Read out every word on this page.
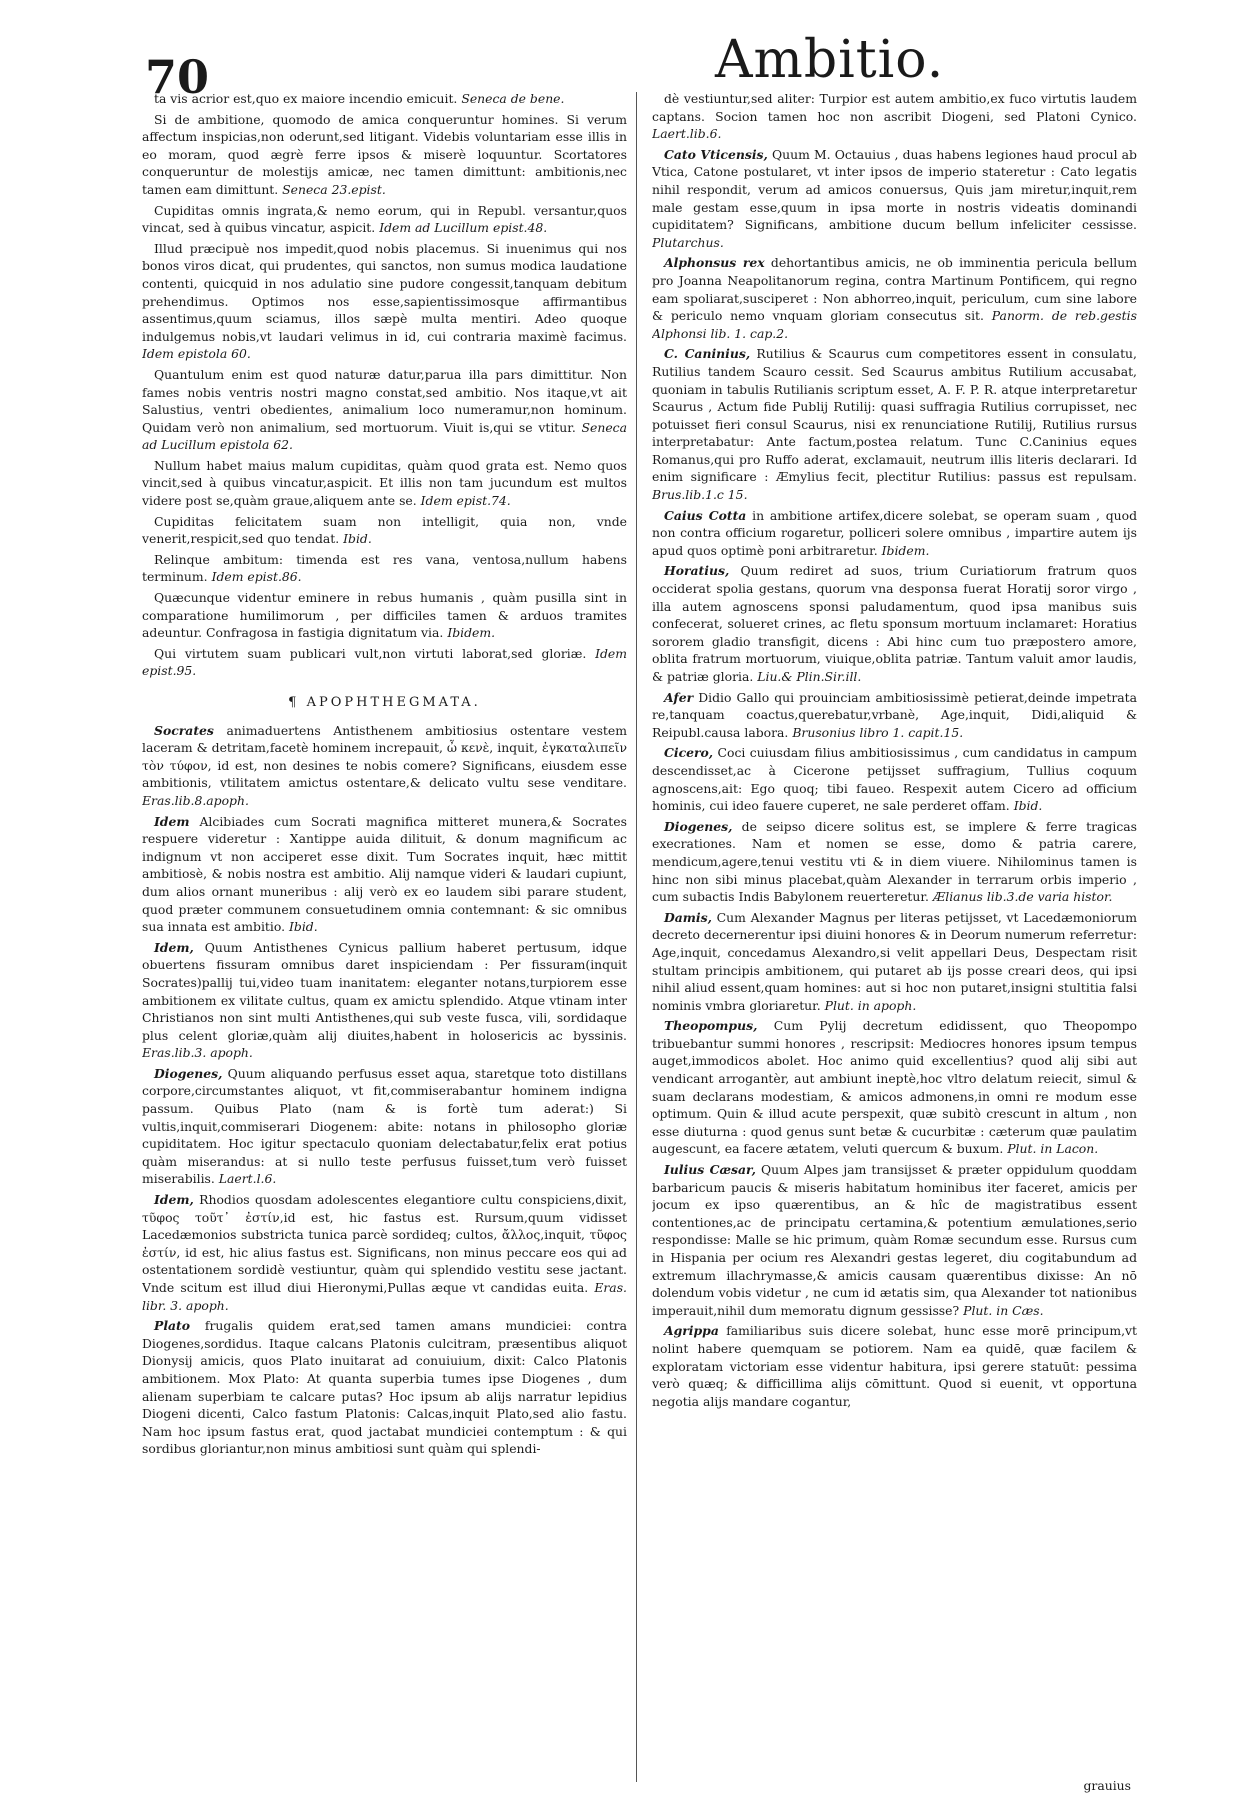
70	Ambitio.

ta vis acrior est,quo ex maiore incendio emicuit. Seneca de bene.

Si de ambitione, quomodo de amica conqueruntur homines. Si verum affectum inspicias,non oderunt,sed litigant. Videbis voluntariam esse illis in eo moram, quod ægrè ferre ipsos & miserè loquuntur. Scortatores conqueruntur de molestijs amicæ, nec tamen dimittunt: ambitionis,nec tamen eam dimittunt. Seneca 23.epist.

Cupiditas omnis ingrata,& nemo eorum, qui in Republ. versantur,quos vincat, sed à quibus vincatur, aspicit. Idem ad Lucillum epist.48.

Illud præcipuè nos impedit,quod nobis placemus. Si inuenimus qui nos bonos viros dicat, qui prudentes, qui sanctos, non sumus modica laudatione contenti, quicquid in nos adulatio sine pudore congessit,tanquam debitum prehendimus. Optimos nos esse,sapientissimosque affirmantibus assentimus,quum sciamus, illos sæpè multa mentiri. Adeo quoque indulgemus nobis,vt laudari velimus in id, cui contraria maximè facimus. Idem epistola 60.

Quantulum enim est quod naturæ datur,parua illa pars dimittitur. Non fames nobis ventris nostri magno constat,sed ambitio. Nos itaque,vt ait Salustius, ventri obedientes, animalium loco numeramur,non hominum. Quidam verò non animalium, sed mortuorum. Viuit is,qui se vtitur. Seneca ad Lucillum epistola 62.

Nullum habet maius malum cupiditas, quàm quod grata est. Nemo quos vincit,sed à quibus vincatur,aspicit. Et illis non tam jucundum est multos videre post se,quàm graue,aliquem ante se. Idem epist.74.

Cupiditas felicitatem suam non intelligit, quia non, vnde venerit,respicit,sed quo tendat. Ibid.

Relinque ambitum: timenda est res vana, ventosa,nullum habens terminum. Idem epist.86.

Quæcunque videntur eminere in rebus humanis , quàm pusilla sint in comparatione humilimorum , per difficiles tamen & arduos tramites adeuntur. Confragosa in fastigia dignitatum via. Ibidem.

Qui virtutem suam publicari vult,non virtuti laborat,sed gloriæ. Idem epist.95.

¶ APOPHTHEGMATA.

Socrates animaduertens Antisthenem ambitiosius ostentare vestem laceram & detritam,facetè hominem increpauit, ὦ κενὲ, inquit, ἐγκαταλιπεῖν τὸν τύφον, id est, non desines te nobis comere? Significans, eiusdem esse ambitionis, vtilitatem amictus ostentare,& delicato vultu sese venditare. Eras.lib.8.apoph.

Idem Alcibiades cum Socrati magnifica mitteret munera,& Socrates respuere videretur : Xantippe auida dilituit, & donum magnificum ac indignum vt non acciperet esse dixit. Tum Socrates inquit, hæc mittit ambitiosè, & nobis nostra est ambitio. Alij namque videri & laudari cupiunt, dum alios ornant muneribus : alij verò ex eo laudem sibi parare student, quod præter communem consuetudinem omnia contemnant: & sic omnibus sua innata est ambitio. Ibid.

Idem, Quum Antisthenes Cynicus pallium haberet pertusum, idque obuertens fissuram omnibus daret inspiciendam : Per fissuram(inquit Socrates)pallij tui,video tuam inanitatem: eleganter notans,turpiorem esse ambitionem ex vilitate cultus, quam ex amictu splendido. Atque vtinam inter Christianos non sint multi Antisthenes,qui sub veste fusca, vili, sordidaque plus celent gloriæ,quàm alij diuites,habent in holosericis ac byssinis. Eras.lib.3. apoph.

Diogenes, Quum aliquando perfusus esset aqua, staretque toto distillans corpore,circumstantes aliquot, vt fit,commiserabantur hominem indigna passum. Quibus Plato (nam & is fortè tum aderat:) Si vultis,inquit,commiserari Diogenem: abite: notans in philosopho gloriæ cupiditatem. Hoc igitur spectaculo quoniam delectabatur,felix erat potius quàm miserandus: at si nullo teste perfusus fuisset,tum verò fuisset miserabilis. Laert.l.6.

Idem, Rhodios quosdam adolescentes elegantiore cultu conspiciens,dixit, τῦφος τοῦτ᾽ ἐστίν,id est, hic fastus est. Rursum,quum vidisset Lacedæmonios substricta tunica parcè sordideq; cultos, ἄλλος,inquit, τῦφος ἐστίν, id est, hic alius fastus est. Significans, non minus peccare eos qui ad ostentationem sordidè vestiuntur, quàm qui splendido vestitu sese jactant. Vnde scitum est illud diui Hieronymi,Pullas æque vt candidas euita. Eras. libr. 3. apoph.

Plato frugalis quidem erat,sed tamen amans mundiciei: contra Diogenes,sordidus. Itaque calcans Platonis culcitram, præsentibus aliquot Dionysij amicis, quos Plato inuitarat ad conuiuium, dixit: Calco Platonis ambitionem. Mox Plato: At quanta superbia tumes ipse Diogenes , dum alienam superbiam te calcare putas? Hoc ipsum ab alijs narratur lepidius Diogeni dicenti, Calco fastum Platonis: Calcas,inquit Plato,sed alio fastu. Nam hoc ipsum fastus erat, quod jactabat mundiciei contemptum : & qui sordibus gloriantur,non minus ambitiosi sunt quàm qui splendi-

dè vestiuntur,sed aliter: Turpior est autem ambitio,ex fuco virtutis laudem captans. Socion tamen hoc non ascribit Diogeni, sed Platoni Cynico. Laert.lib.6.

Cato Vticensis, Quum M. Octauius , duas habens legiones haud procul ab Vtica, Catone postularet, vt inter ipsos de imperio stateretur : Cato legatis nihil respondit, verum ad amicos conuersus, Quis jam miretur,inquit,rem male gestam esse,quum in ipsa morte in nostris videatis dominandi cupiditatem? Significans, ambitione ducum bellum infeliciter cessisse. Plutarchus.

Alphonsus rex dehortantibus amicis, ne ob imminentia pericula bellum pro Joanna Neapolitanorum regina, contra Martinum Pontificem, qui regno eam spoliarat,susciperet : Non abhorreo,inquit, periculum, cum sine labore & periculo nemo vnquam gloriam consecutus sit. Panorm. de reb.gestis Alphonsi lib. 1. cap.2.

C. Caninius, Rutilius & Scaurus cum competitores essent in consulatu, Rutilius tandem Scauro cessit. Sed Scaurus ambitus Rutilium accusabat, quoniam in tabulis Rutilianis scriptum esset, A. F. P. R. atque interpretaretur Scaurus , Actum fide Publij Rutilij: quasi suffragia Rutilius corrupisset, nec potuisset fieri consul Scaurus, nisi ex renunciatione Rutilij, Rutilius rursus interpretabatur: Ante factum,postea relatum. Tunc C.Caninius eques Romanus,qui pro Ruffo aderat, exclamauit, neutrum illis literis declarari. Id enim significare : Æmylius fecit, plectitur Rutilius: passus est repulsam. Brus.lib.1.c 15.

Caius Cotta in ambitione artifex,dicere solebat, se operam suam , quod non contra officium rogaretur, polliceri solere omnibus , impartire autem ijs apud quos optimè poni arbitraretur. Ibidem.

Horatius, Quum rediret ad suos, trium Curiatiorum fratrum quos occiderat spolia gestans, quorum vna desponsa fuerat Horatij soror virgo , illa autem agnoscens sponsi paludamentum, quod ipsa manibus suis confecerat, solueret crines, ac fletu sponsum mortuum inclamaret: Horatius sororem gladio transfigit, dicens : Abi hinc cum tuo præpostero amore, oblita fratrum mortuorum, viuique,oblita patriæ. Tantum valuit amor laudis, & patriæ gloria. Liu.& Plin.Sir.ill.

Afer Didio Gallo qui prouinciam ambitiosissimè petierat,deinde impetrata re,tanquam coactus,querebatur,vrbanè, Age,inquit, Didi,aliquid & Reipubl.causa labora. Brusonius libro 1. capit.15.

Cicero, Coci cuiusdam filius ambitiosissimus , cum candidatus in campum descendisset,ac à Cicerone petijsset suffragium, Tullius coquum agnoscens,ait: Ego quoq; tibi faueo. Respexit autem Cicero ad officium hominis, cui ideo fauere cuperet, ne sale perderet offam. Ibid.

Diogenes, de seipso dicere solitus est, se implere & ferre tragicas execrationes. Nam et nomen se esse, domo & patria carere, mendicum,agere,tenui vestitu vti & in diem viuere. Nihilominus tamen is hinc non sibi minus placebat,quàm Alexander in terrarum orbis imperio , cum subactis Indis Babylonem reuerteretur. Ælianus lib.3.de varia histor.

Damis, Cum Alexander Magnus per literas petijsset, vt Lacedæmoniorum decreto decernerentur ipsi diuini honores & in Deorum numerum referretur: Age,inquit, concedamus Alexandro,si velit appellari Deus, Despectam risit stultam principis ambitionem, qui putaret ab ijs posse creari deos, qui ipsi nihil aliud essent,quam homines: aut si hoc non putaret,insigni stultitia falsi nominis vmbra gloriaretur. Plut. in apoph.

Theopompus, Cum Pylij decretum edidissent, quo Theopompo tribuebantur summi honores , rescripsit: Mediocres honores ipsum tempus auget,immodicos abolet. Hoc animo quid excellentius? quod alij sibi aut vendicant arrogantèr, aut ambiunt ineptè,hoc vltro delatum reiecit, simul & suam declarans modestiam, & amicos admonens,in omni re modum esse optimum. Quin & illud acute perspexit, quæ subitò crescunt in altum , non esse diuturna : quod genus sunt betæ & cucurbitæ : cæterum quæ paulatim augescunt, ea facere ætatem, veluti quercum & buxum. Plut. in Lacon.

Iulius Cæsar, Quum Alpes jam transijsset & præter oppidulum quoddam barbaricum paucis & miseris habitatum hominibus iter faceret, amicis per jocum ex ipso quærentibus, an & hîc de magistratibus essent contentiones,ac de principatu certamina,& potentium æmulationes,serio respondisse: Malle se hic primum, quàm Romæ secundum esse. Rursus cum in Hispania per ocium res Alexandri gestas legeret, diu cogitabundum ad extremum illachrymasse,& amicis causam quærentibus dixisse: An nō dolendum vobis videtur , ne cum id ætatis sim, qua Alexander tot nationibus imperauit,nihil dum memoratu dignum gessisse? Plut. in Cæs.

Agrippa familiaribus suis dicere solebat, hunc esse morē principum,vt nolint habere quemquam se potiorem. Nam ea quidē, quæ facilem & exploratam victoriam esse videntur habitura, ipsi gerere statuūt: pessima verò quæq; & difficillima alijs cōmittunt. Quod si euenit, vt opportuna negotia alijs mandare cogantur,

grauius
